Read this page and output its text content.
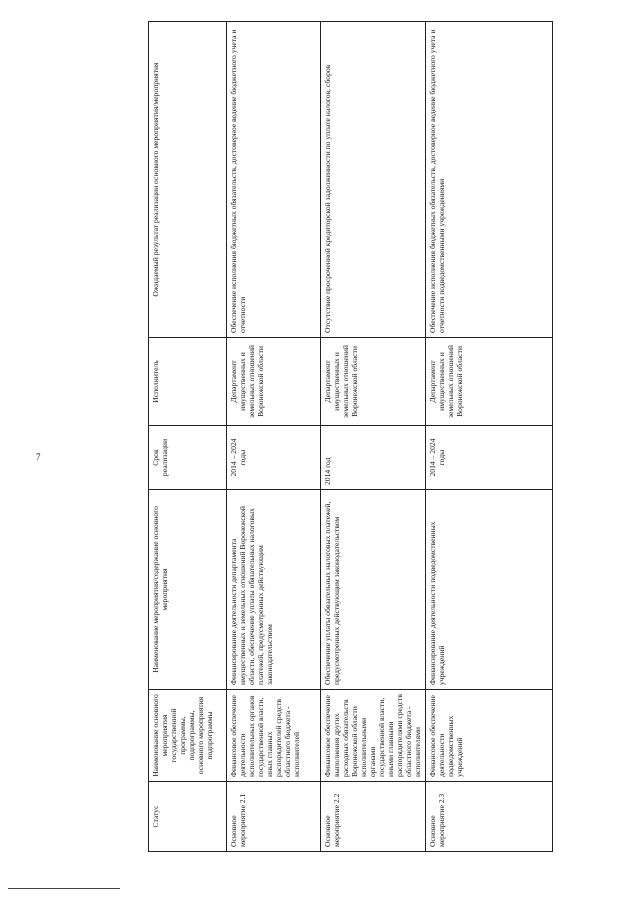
7
Статус	Наименование основного мероприятия государственной программы, подпрограммы, основного мероприятия подпрограммы	Наименование мероприятия/содержание основного мероприятия	Срок реализации	Исполнитель	Ожидаемый результат реализации основного мероприятия/мероприятия
Основное мероприятие 2.1	Финансовое обеспечение деятельности исполнительных органов государственной власти, иных главных распорядителей средств областного бюджета - исполнителей	Финансирование деятельности департамента имущественных и земельных отношений Воронежской области, обеспечение уплаты обязательных налоговых платежей, предусмотренных действующим законодательством	2014 – 2024 годы	Департамент имущественных и земельных отношений Воронежской области	Обеспечение исполнения бюджетных обязательств, достоверное ведение бюджетного учета и отчетности
Основное мероприятие 2.2	Финансовое обеспечение выполнения других расходных обязательств Воронежской области исполнительными органами государственной власти, иными главными распорядителями средств областного бюджета - исполнителями	Обеспечение уплаты обязательных налоговых платежей, предусмотренных действующим законодательством	2014 год	Департамент имущественных и земельных отношений Воронежской области	Отсутствие просроченной кредиторской задолженности по уплате налогов, сборов
Основное мероприятие 2.3	Финансовое обеспечение деятельности подведомственных учреждений	Финансирование деятельности подведомственных учреждений	2014 – 2024 годы	Департамент имущественных и земельных отношений Воронежской области	Обеспечение исполнения бюджетных обязательств, достоверное ведение бюджетного учета и отчетности подведомственными учреждениями
